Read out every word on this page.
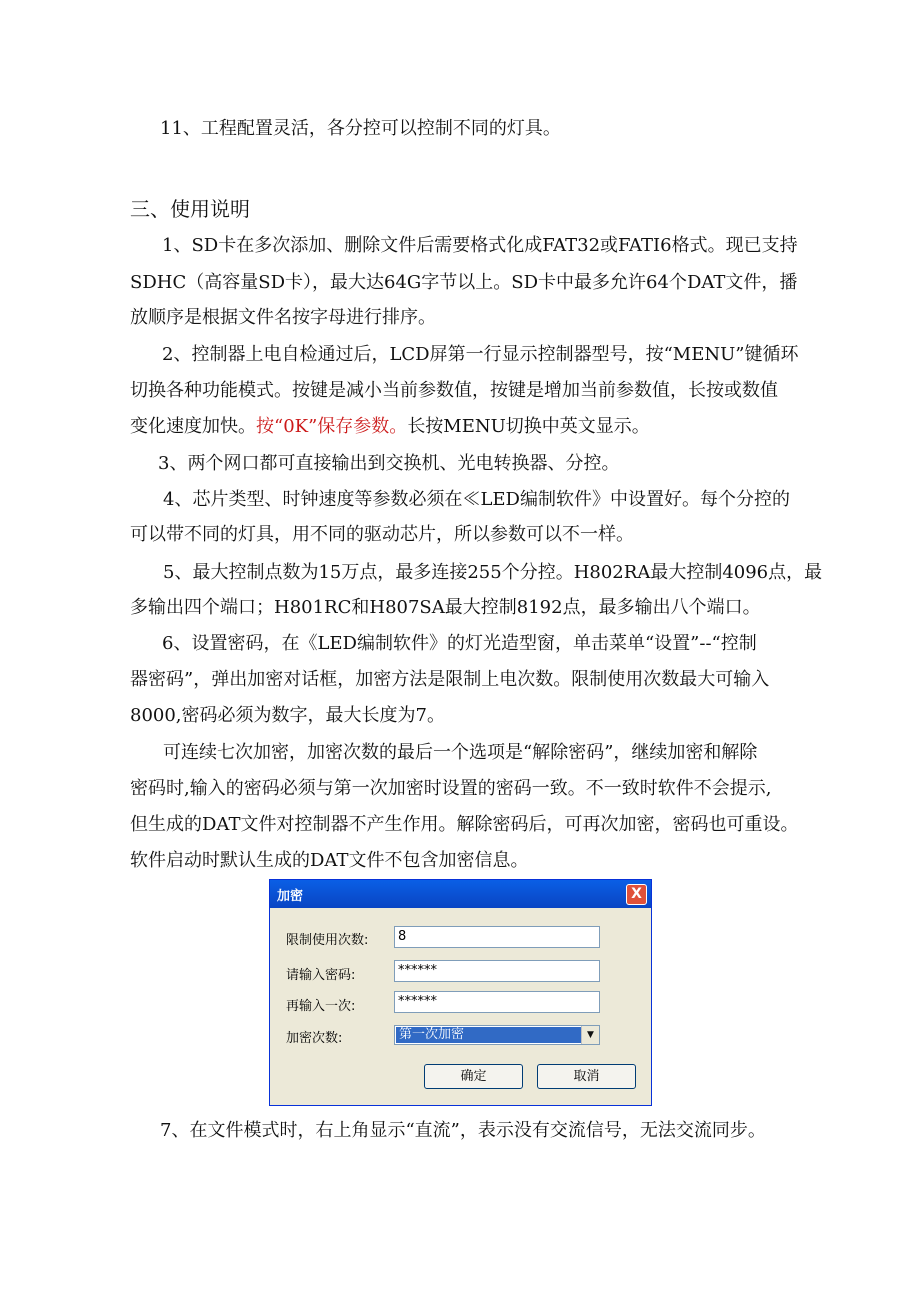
11、工程配置灵活，各分控可以控制不同的灯具。
三、使用说明
1、SD卡在多次添加、删除文件后需要格式化成FAT32或FATI6格式。现已支持
SDHC（高容量SD卡），最大达64G字节以上。SD卡中最多允许64个DAT文件，播
放顺序是根据文件名按字母进行排序。
2、控制器上电自检通过后，LCD屏第一行显示控制器型号，按“MENU”键循环
切换各种功能模式。按键是减小当前参数值，按键是增加当前参数值，长按或数值
变化速度加快。按“0K”保存参数。长按MENU切换中英文显示。
3、两个网口都可直接输出到交换机、光电转换器、分控。
4、芯片类型、时钟速度等参数必须在≪LED编制软件》中设置好。每个分控的
可以带不同的灯具，用不同的驱动芯片，所以参数可以不一样。
5、最大控制点数为15万点，最多连接255个分控。H802RA最大控制4096点，最
多输出四个端口；H801RC和H807SA最大控制8192点，最多输出八个端口。
6、设置密码，在《LED编制软件》的灯光造型窗，单击菜单“设置”--“控制
器密码”，弹出加密对话框，加密方法是限制上电次数。限制使用次数最大可输入
8000,密码必须为数字，最大长度为7。
可连续七次加密，加密次数的最后一个选项是“解除密码”，继续加密和解除
密码时,输入的密码必须与第一次加密时设置的密码一致。不一致时软件不会提示,
但生成的DAT文件对控制器不产生作用。解除密码后，可再次加密，密码也可重设。
软件启动时默认生成的DAT文件不包含加密信息。
7、在文件模式时，右上角显示“直流”，表示没有交流信号，无法交流同步。
加密	X
限制使用次数:	8
请输入密码:	******
再输入一次:	******
加密次数:	第一次加密	▼
确定	取消
